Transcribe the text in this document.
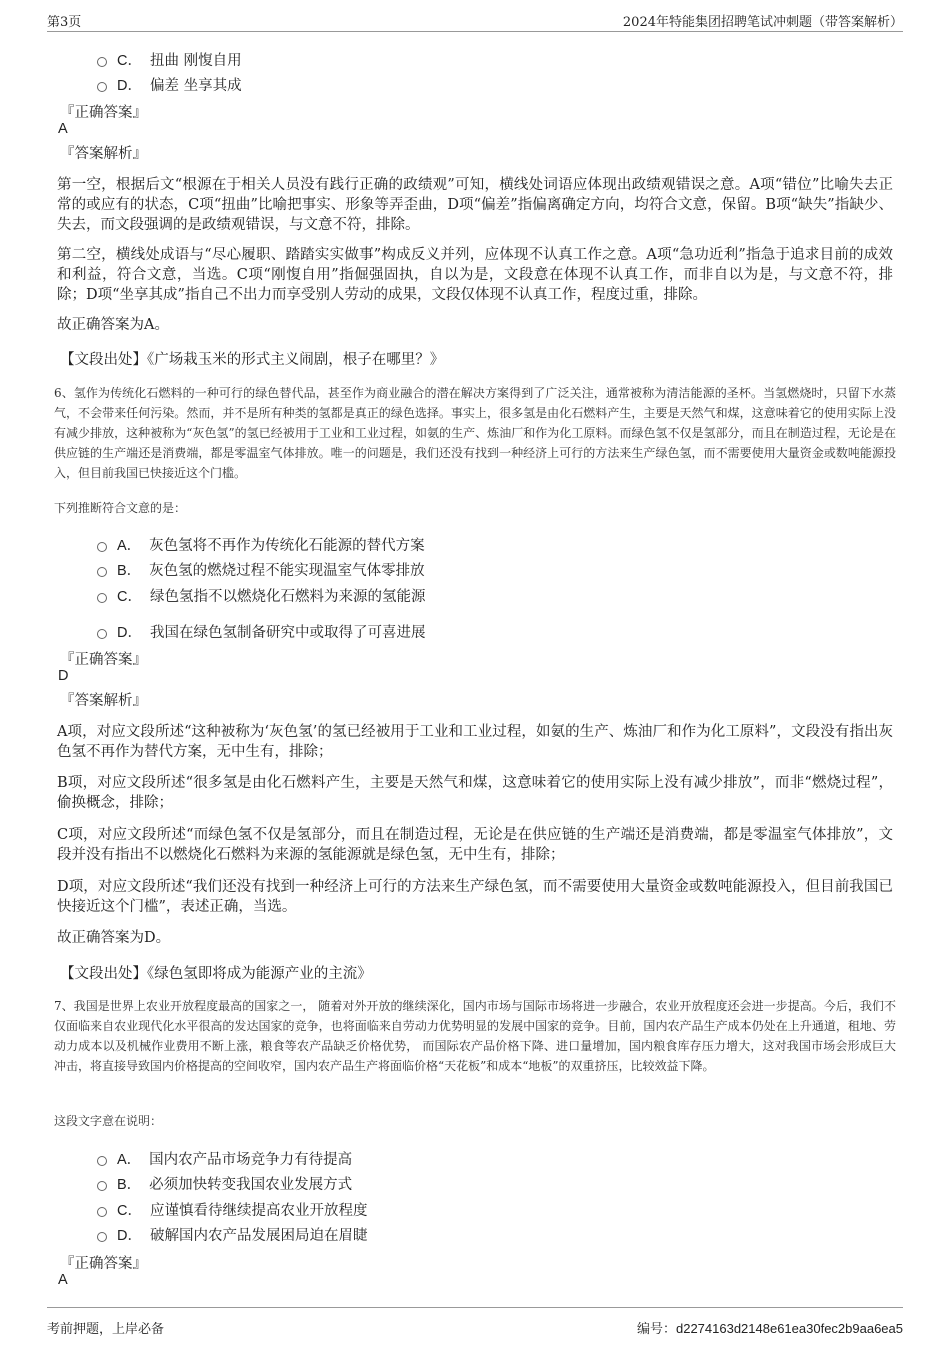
第3页	2024年特能集团招聘笔试冲刺题（带答案解析）
C． 扭曲 刚愎自用
D． 偏差 坐享其成
『正确答案』
A
『答案解析』
第一空，根据后文“根源在于相关人员没有践行正确的政绩观”可知，横线处词语应体现出政绩观错误之意。A项“错位”比喻失去正常的或应有的状态，C项“扭曲”比喻把事实、形象等弄歪曲，D项“偏差”指偏离确定方向，均符合文意，保留。B项“缺失”指缺少、失去，而文段强调的是政绩观错误，与文意不符，排除。
第二空，横线处成语与“尽心履职、踏踏实实做事”构成反义并列，应体现不认真工作之意。A项“急功近利”指急于追求目前的成效和利益，符合文意，当选。C项“刚愎自用”指倔强固执，自以为是，文段意在体现不认真工作，而非自以为是，与文意不符，排除；D项“坐享其成”指自己不出力而享受别人劳动的成果，文段仅体现不认真工作，程度过重，排除。
故正确答案为A。
【文段出处】《广场栽玉米的形式主义闹剧，根子在哪里？》
6、氢作为传统化石燃料的一种可行的绿色替代品，甚至作为商业融合的潜在解决方案得到了广泛关注，通常被称为清洁能源的圣杯。当氢燃烧时，只留下水蒸气，不会带来任何污染。然而，并不是所有种类的氢都是真正的绿色选择。事实上，很多氢是由化石燃料产生，主要是天然气和煤，这意味着它的使用实际上没有减少排放，这种被称为“灰色氢”的氢已经被用于工业和工业过程，如氨的生产、炼油厂和作为化工原料。而绿色氢不仅是氢部分，而且在制造过程，无论是在供应链的生产端还是消费端，都是零温室气体排放。唯一的问题是，我们还没有找到一种经济上可行的方法来生产绿色氢，而不需要使用大量资金或数吨能源投入，但目前我国已快接近这个门槛。
下列推断符合文意的是：
A． 灰色氢将不再作为传统化石能源的替代方案
B． 灰色氢的燃烧过程不能实现温室气体零排放
C． 绿色氢指不以燃烧化石燃料为来源的氢能源
D． 我国在绿色氢制备研究中或取得了可喜进展
『正确答案』
D
『答案解析』
A项，对应文段所述“这种被称为‘灰色氢’的氢已经被用于工业和工业过程，如氨的生产、炼油厂和作为化工原料”，文段没有指出灰色氢不再作为替代方案，无中生有，排除；
B项，对应文段所述“很多氢是由化石燃料产生，主要是天然气和煤，这意味着它的使用实际上没有减少排放”，而非“燃烧过程”，偷换概念，排除；
C项，对应文段所述“而绿色氢不仅是氢部分，而且在制造过程，无论是在供应链的生产端还是消费端，都是零温室气体排放”，文段并没有指出不以燃烧化石燃料为来源的氢能源就是绿色氢，无中生有，排除；
D项，对应文段所述“我们还没有找到一种经济上可行的方法来生产绿色氢，而不需要使用大量资金或数吨能源投入，但目前我国已快接近这个门槛”，表述正确，当选。
故正确答案为D。
【文段出处】《绿色氢即将成为能源产业的主流》
7、我国是世界上农业开放程度最高的国家之一， 随着对外开放的继续深化，国内市场与国际市场将进一步融合，农业开放程度还会进一步提高。今后，我们不仅面临来自农业现代化水平很高的发达国家的竞争，也将面临来自劳动力优势明显的发展中国家的竞争。目前，国内农产品生产成本仍处在上升通道，租地、劳动力成本以及机械作业费用不断上涨，粮食等农产品缺乏价格优势， 而国际农产品价格下降、进口量增加，国内粮食库存压力增大，这对我国市场会形成巨大冲击，将直接导致国内价格提高的空间收窄，国内农产品生产将面临价格“天花板”和成本“地板”的双重挤压，比较效益下降。
这段文字意在说明：
A． 国内农产品市场竞争力有待提高
B． 必须加快转变我国农业发展方式
C． 应谨慎看待继续提高农业开放程度
D． 破解国内农产品发展困局迫在眉睫
『正确答案』
A
考前押题，上岸必备	编号：d2274163d2148e61ea30fec2b9aa6ea5
